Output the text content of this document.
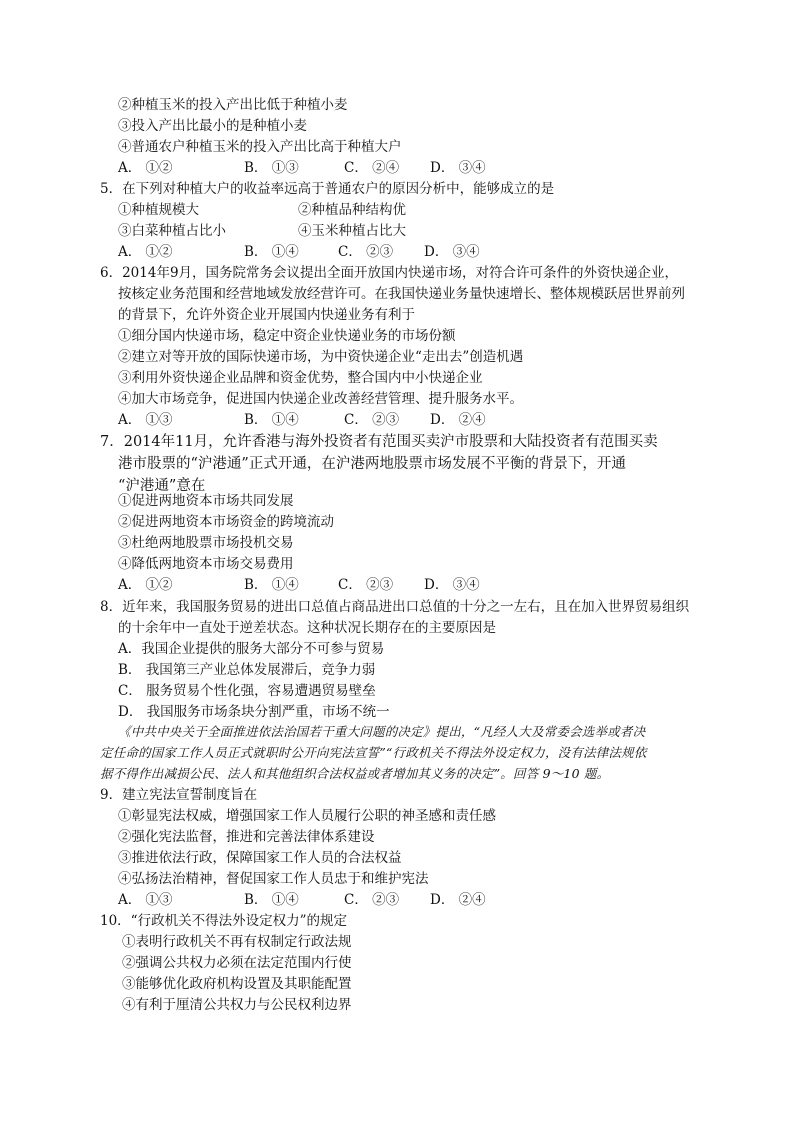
②种植玉米的投入产出比低于种植小麦
③投入产出比最小的是种植小麦
④普通农户种植玉米的投入产出比高于种植大户
A． ①②	B． ①③	C． ②④ D． ③④
5．在下列对种植大户的收益率远高于普通农户的原因分析中，能够成立的是
①种植规模大	②种植品种结构优
③白菜种植占比小	④玉米种植占比大
A． ①②	B． ①④	C． ②③ D． ③④
6．2014年9月，国务院常务会议提出全面开放国内快递市场，对符合许可条件的外资快递企业，
按核定业务范围和经营地域发放经营许可。在我国快递业务量快速增长、整体规模跃居世界前列
的背景下，允许外资企业开展国内快递业务有利于
①细分国内快递市场，稳定中资企业快递业务的市场份额
②建立对等开放的国际快递市场，为中资快递企业“走出去”创造机遇
③利用外资快递企业品牌和资金优势，整合国内中小快递企业
④加大市场竞争，促进国内快递企业改善经营管理、提升服务水平。
A． ①③	B． ①④	C． ②③ D． ②④
7．2014年11月，允许香港与海外投资者有范围买卖沪市股票和大陆投资者有范围买卖
港市股票的“沪港通”正式开通，在沪港两地股票市场发展不平衡的背景下，开通
“沪港通”意在
①促进两地资本市场共同发展
②促进两地资本市场资金的跨境流动
③杜绝两地股票市场投机交易
④降低两地资本市场交易费用
A． ①②	B． ①④	C． ②③ D． ③④
8．近年来，我国服务贸易的进出口总值占商品进出口总值的十分之一左右，且在加入世界贸易组织
的十余年中一直处于逆差状态。这种状况长期存在的主要原因是
A．我国企业提供的服务大部分不可参与贸易
B． 我国第三产业总体发展滞后，竞争力弱
C． 服务贸易个性化强，容易遭遇贸易壁垒
D． 我国服务市场条块分割严重，市场不统一
《中共中央关于全面推进依法治国若干重大问题的决定》提出，“凡经人大及常委会选举或者决
定任命的国家工作人员正式就职时公开向宪法宣誓”“行政机关不得法外设定权力，没有法律法规依
据不得作出减损公民、法人和其他组织合法权益或者增加其义务的决定”。回答 9～10 题。
9．建立宪法宣誓制度旨在
①彰显宪法权威，增强国家工作人员履行公职的神圣感和责任感
②强化宪法监督，推进和完善法律体系建设
③推进依法行政，保障国家工作人员的合法权益
④弘扬法治精神，督促国家工作人员忠于和维护宪法
A． ①③	B． ①④	C． ②③ D． ②④
10．“行政机关不得法外设定权力”的规定
①表明行政机关不再有权制定行政法规
②强调公共权力必须在法定范围内行使
③能够优化政府机构设置及其职能配置
④有利于厘清公共权力与公民权利边界
